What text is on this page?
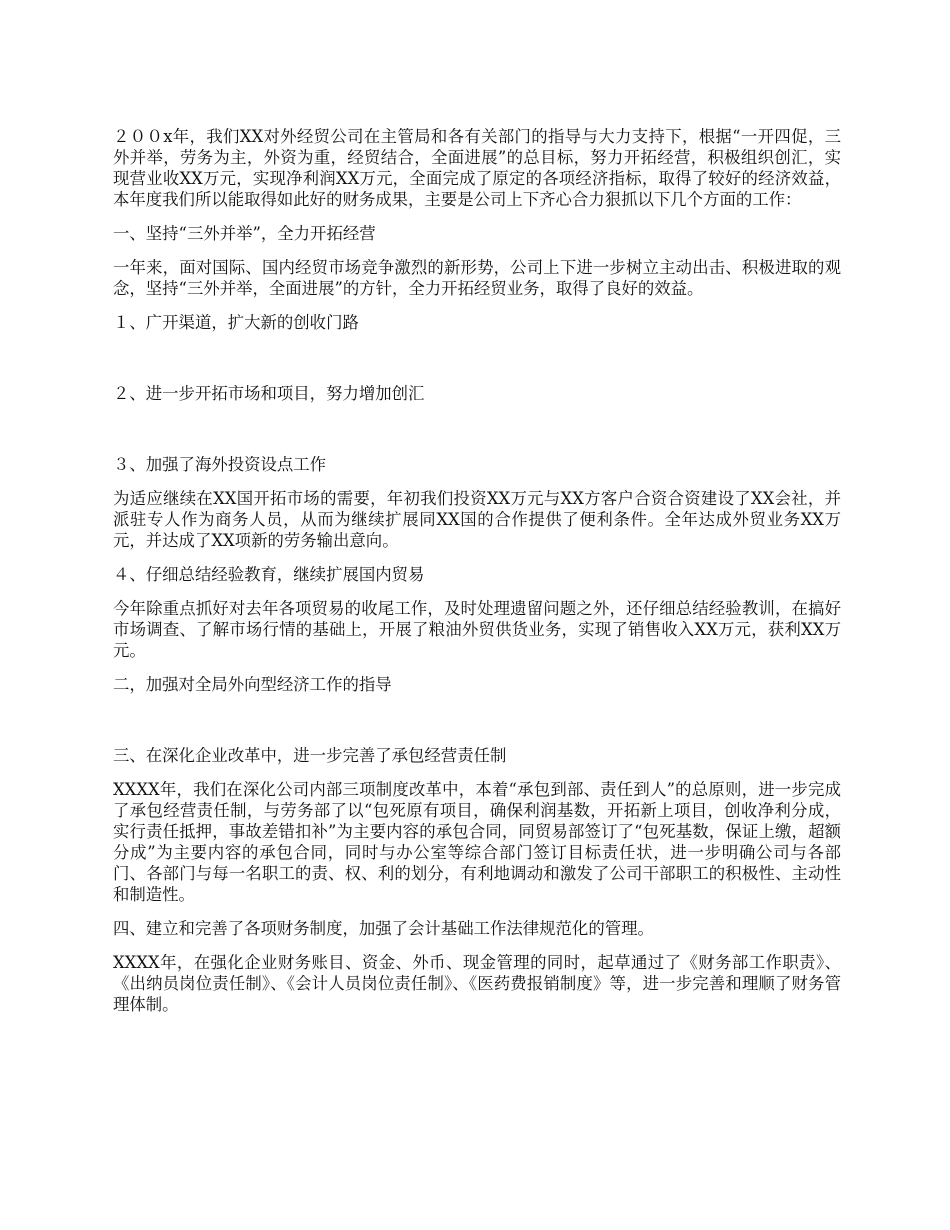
２００x年，我们XX对外经贸公司在主管局和各有关部门的指导与大力支持下，根据“一开四促，三外并举，劳务为主，外资为重，经贸结合，全面进展”的总目标，努力开拓经营，积极组织创汇，实现营业收XX万元，实现净利润XX万元，全面完成了原定的各项经济指标，取得了较好的经济效益，本年度我们所以能取得如此好的财务成果，主要是公司上下齐心合力狠抓以下几个方面的工作：

一、坚持“三外并举”，全力开拓经营

一年来，面对国际、国内经贸市场竞争激烈的新形势，公司上下进一步树立主动出击、积极进取的观念，坚持“三外并举，全面进展”的方针，全力开拓经贸业务，取得了良好的效益。

１、广开渠道，扩大新的创收门路

２、进一步开拓市场和项目，努力增加创汇

３、加强了海外投资设点工作

为适应继续在XX国开拓市场的需要，年初我们投资XX万元与XX方客户合资合资建设了XX会社，并派驻专人作为商务人员，从而为继续扩展同XX国的合作提供了便利条件。全年达成外贸业务XX万元，并达成了XX项新的劳务输出意向。

４、仔细总结经验教育，继续扩展国内贸易

今年除重点抓好对去年各项贸易的收尾工作，及时处理遗留问题之外，还仔细总结经验教训，在搞好市场调查、了解市场行情的基础上，开展了粮油外贸供货业务，实现了销售收入XX万元，获利XX万元。

二，加强对全局外向型经济工作的指导

三、在深化企业改革中，进一步完善了承包经营责任制

XXXX年，我们在深化公司内部三项制度改革中，本着“承包到部、责任到人”的总原则，进一步完成了承包经营责任制，与劳务部了以“包死原有项目，确保利润基数，开拓新上项目，创收净利分成，实行责任抵押，事故差错扣补”为主要内容的承包合同，同贸易部签订了“包死基数，保证上缴，超额分成”为主要内容的承包合同，同时与办公室等综合部门签订目标责任状，进一步明确公司与各部门、各部门与每一名职工的责、权、利的划分，有利地调动和激发了公司干部职工的积极性、主动性和制造性。

四、建立和完善了各项财务制度，加强了会计基础工作法律规范化的管理。

XXXX年，在强化企业财务账目、资金、外币、现金管理的同时，起草通过了《财务部工作职责》、《出纳员岗位责任制》、《会计人员岗位责任制》、《医药费报销制度》等，进一步完善和理顺了财务管理体制。
